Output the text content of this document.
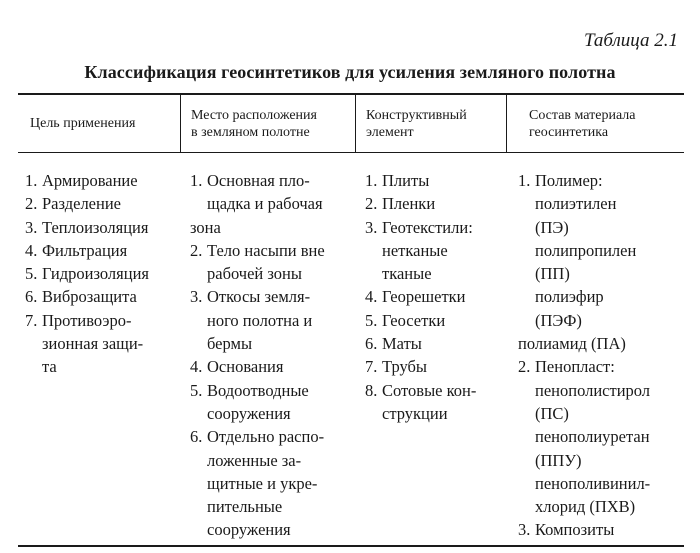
Таблица 2.1
Классификация геосинтетиков для усиления земляного полотна
Цель применения
Место расположения
в земляном полотне
Конструктивный
элемент
Состав материала
геосинтетика
1. Армирование
2. Разделение
3. Теплоизоляция
4. Фильтрация
5. Гидроизоляция
6. Виброзащита
7. Противоэро-
зионная защи-
та
1. Основная пло-
щадка и рабочая
зона
2. Тело насыпи вне
рабочей зоны
3. Откосы земля-
ного полотна и
бермы
4. Основания
5. Водоотводные
сооружения
6. Отдельно распо-
ложенные за-
щитные и укре-
пительные
сооружения
1. Плиты
2. Пленки
3. Геотекстили:
нетканые
тканые
4. Георешетки
5. Геосетки
6. Маты
7. Трубы
8. Сотовые кон-
струкции
1. Полимер:
полиэтилен
(ПЭ)
полипропилен
(ПП)
полиэфир
(ПЭФ)
полиамид (ПА)
2. Пенопласт:
пенополистирол
(ПС)
пенополиуретан
(ППУ)
пенополивинил-
хлорид (ПХВ)
3. Композиты
